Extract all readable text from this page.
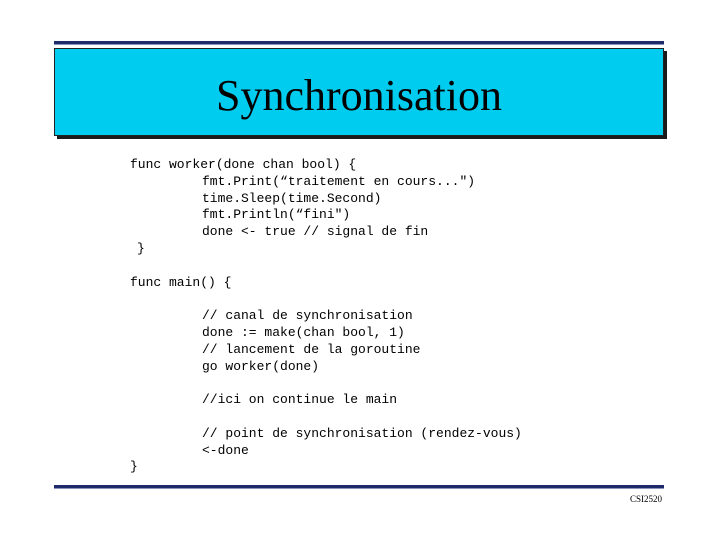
Synchronisation
func worker(done chan bool) {
fmt.Print(“traitement en cours...")
time.Sleep(time.Second)
fmt.Println(“fini")
done <- true // signal de fin
}
func main() {
// canal de synchronisation
done := make(chan bool, 1)
// lancement de la goroutine
go worker(done)
//ici on continue le main
// point de synchronisation (rendez-vous)
<-done
}
CSI2520
